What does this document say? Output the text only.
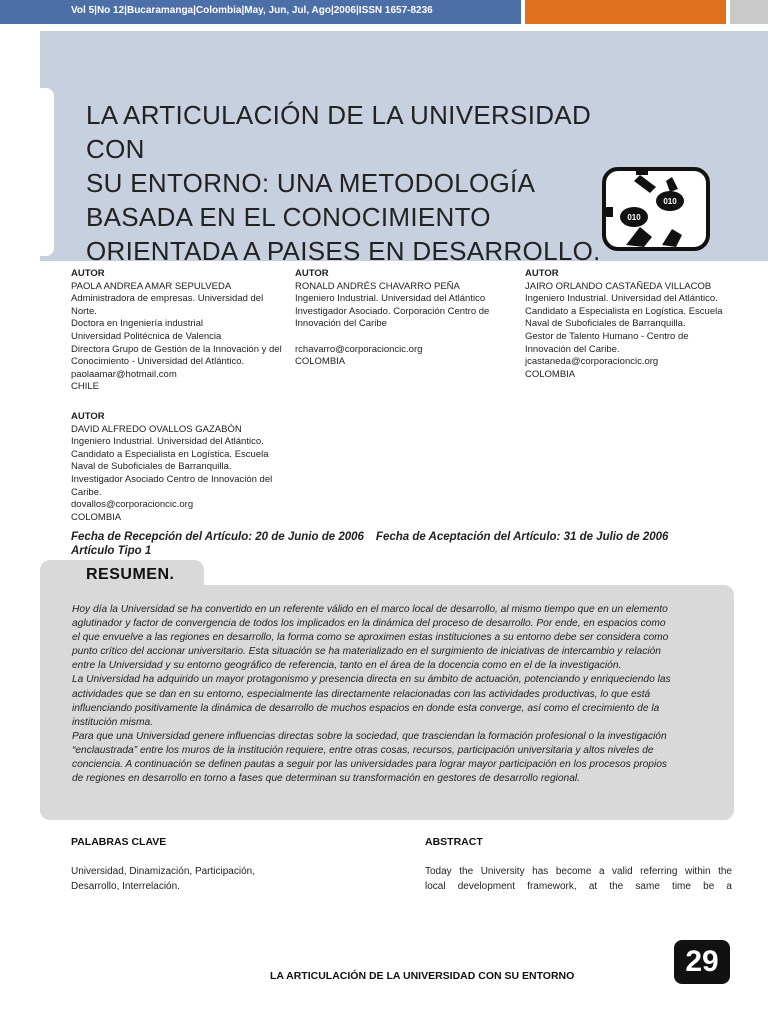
Vol 5|No 12|Bucaramanga|Colombia|May, Jun, Jul, Ago|2006|ISSN 1657-8236
LA ARTICULACIÓN DE LA UNIVERSIDAD CON
SU ENTORNO: UNA METODOLOGÍA
BASADA EN EL CONOCIMIENTO
ORIENTADA A PAISES EN DESARROLLO.
010
010
AUTOR
PAOLA ANDREA AMAR SEPULVEDA
Administradora de empresas. Universidad del
Norte.
Doctora en Ingeniería industrial
Universidad Politécnica de Valencia
Directora Grupo de Gestión de la Innovación y del
Conocimiento - Universidad del Atlántico.
paolaamar@hotmail.com
CHILE
AUTOR
RONALD ANDRÉS CHAVARRO PEÑA
Ingeniero Industrial. Universidad del Atlántico
Investigador Asociado. Corporación Centro de
Innovación del Caribe

rchavarro@corporacioncic.org
COLOMBIA
AUTOR
JAIRO ORLANDO CASTAÑEDA VILLACOB
Ingeniero Industrial. Universidad del Atlántico.
Candidato a Especialista en Logística. Escuela
Naval de Suboficiales de Barranquilla.
Gestor de Talento Humano - Centro de
Innovación del Caribe.
jcastaneda@corporacioncic.org
COLOMBIA
AUTOR
DAVID ALFREDO OVALLOS GAZABÓN
Ingeniero Industrial. Universidad del Atlántico.
Candidato a Especialista en Logística. Escuela
Naval de Suboficiales de Barranquilla.
Investigador Asociado Centro de Innovación del
Caribe.
dovallos@corporacioncic.org
COLOMBIA
Fecha de Recepción del Artículo: 20 de Junio de 2006 Fecha de Aceptación del Artículo: 31 de Julio de 2006
Artículo Tipo 1
RESUMEN.
Hoy día la Universidad se ha convertido en un referente válido en el marco local de desarrollo, al mismo tiempo que en un elemento
aglutinador y factor de convergencia de todos los implicados en la dinámica del proceso de desarrollo. Por ende, en espacios como
el que envuelve a las regiones en desarrollo, la forma como se aproximen estas instituciones a su entorno debe ser considera como
punto crítico del accionar universitario. Esta situación se ha materializado en el surgimiento de iniciativas de intercambio y relación
entre la Universidad y su entorno geográfico de referencia, tanto en el área de la docencia como en el de la investigación.
La Universidad ha adquirido un mayor protagonismo y presencia directa en su ámbito de actuación, potenciando y enriqueciendo las
actividades que se dan en su entorno, especialmente las directamente relacionadas con las actividades productivas, lo que está
influenciando positivamente la dinámica de desarrollo de muchos espacios en donde esta converge, así como el crecimiento de la
institución misma.
Para que una Universidad genere influencias directas sobre la sociedad, que trasciendan la formación profesional o la investigación
“enclaustrada” entre los muros de la institución requiere, entre otras cosas, recursos, participación universitaria y altos niveles de
conciencia. A continuación se definen pautas a seguir por las universidades para lograr mayor participación en los procesos propios
de regiones en desarrollo en torno a fases que determinan su transformación en gestores de desarrollo regional.
PALABRAS CLAVE
Universidad, Dinamización, Participación,
Desarrollo, Interrelación.
ABSTRACT
Today the University has become a valid referring within the
local development framework, at the same time be a
LA ARTICULACIÓN DE LA UNIVERSIDAD CON SU ENTORNO	29
